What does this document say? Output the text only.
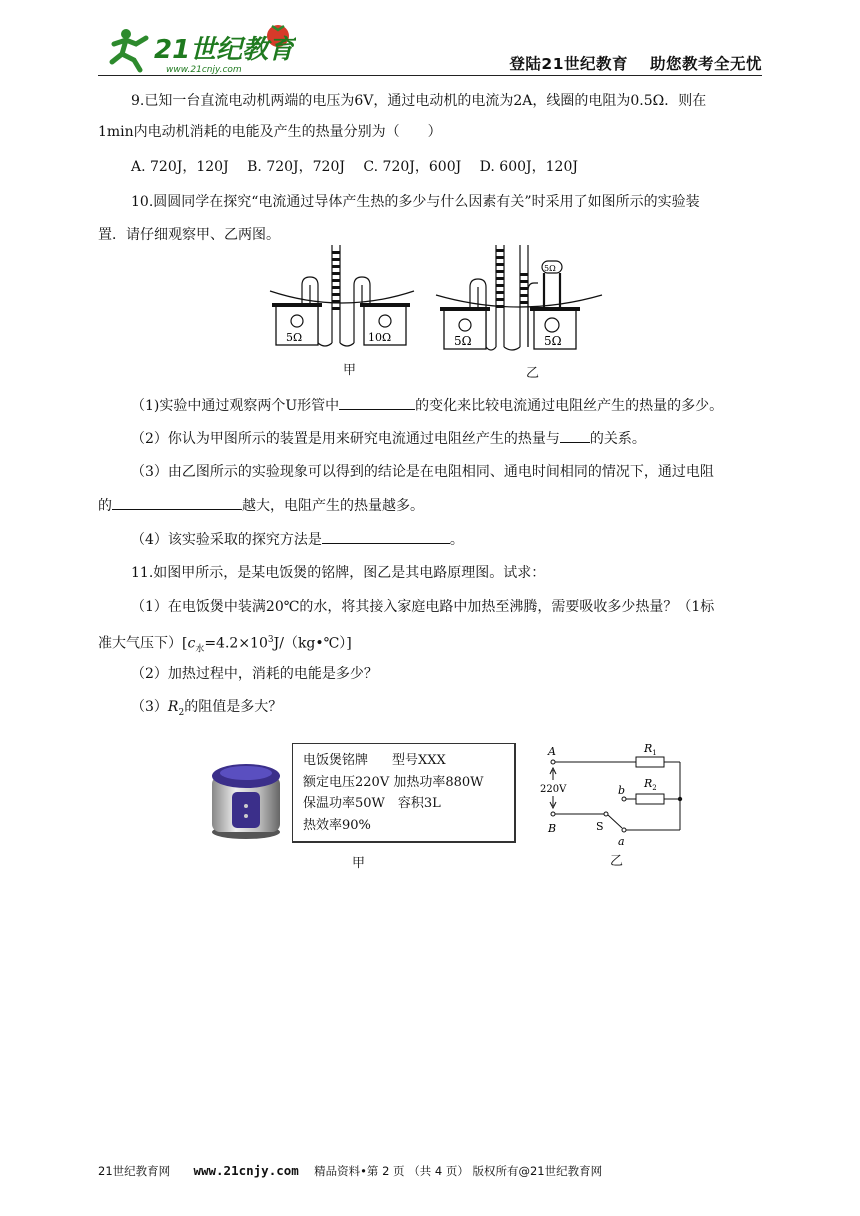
21世纪教育
www.21cnjy.com	登陆21世纪教育 助您教考全无忧
9.已知一台直流电动机两端的电压为6V，通过电动机的电流为2A，线圈的电阻为0.5Ω．则在
1min内电动机消耗的电能及产生的热量分别为（　　）
A. 720J，120J　 B. 720J，720J　 C. 720J，600J　 D. 600J，120J
10.圆圆同学在探究“电流通过导体产生热的多少与什么因素有关”时采用了如图所示的实验装
置．请仔细观察甲、乙两图。
5Ω	10Ω
甲
5Ω
5Ω	5Ω
乙
（1)实验中通过观察两个U形管中	的变化来比较电流通过电阻丝产生的热量的多少。
（2）你认为甲图所示的装置是用来研究电流通过电阻丝产生的热量与 的关系。
（3）由乙图所示的实验现象可以得到的结论是在电阻相同、通电时间相同的情况下，通过电阻
的	越大，电阻产生的热量越多。
（4）该实验采取的探究方法是	。
11.如图甲所示，是某电饭煲的铭牌，图乙是其电路原理图。试求：
（1）在电饭煲中装满20℃的水，将其接入家庭电路中加热至沸腾，需要吸收多少热量？（1标
准大气压下）$[c_水=4.2\times 10^3J/(kg•℃)]$
（2）加热过程中，消耗的电能是多少？
$(3)R_2$的阻值是多大？
电饭煲铭牌 型号XXX
额定电压220V 加热功率880W
保温功率50W　容积3L
热效率90%
甲
A
B
$R_1$
$R_2$
b
a
S
220V
乙
21世纪教育网 www.21cnjy.com 精品资料•第 2 页 （共 4 页） 版权所有@21世纪教育网
